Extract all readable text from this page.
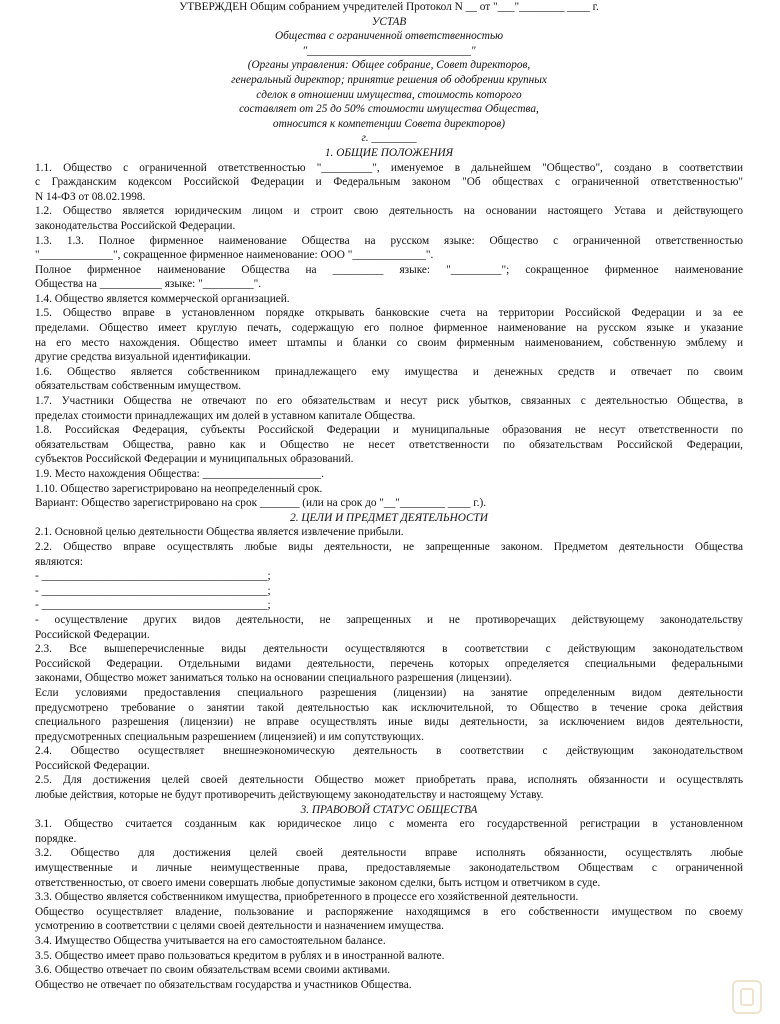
УТВЕРЖДЕН Общим собранием учредителей Протокол N __ от "___"________ ____ г.
УСТАВ
Общества с ограниченной ответственностью
"_____________________________"
(Органы управления: Общее собрание, Совет директоров,
генеральный директор; принятие решения об одобрении крупных
сделок в отношении имущества, стоимость которого
составляет от 25 до 50% стоимости имущества Общества,
относится к компетенции Совета директоров)
г. ________
1. ОБЩИЕ ПОЛОЖЕНИЯ
1.1. Общество с ограниченной ответственностью "_________", именуемое в дальнейшем "Общество", создано в соответствии
с Гражданским кодексом Российской Федерации и Федеральным законом "Об обществах с ограниченной ответственностью"
N 14-ФЗ от 08.02.1998.
1.2. Общество является юридическим лицом и строит свою деятельность на основании настоящего Устава и действующего
законодательства Российской Федерации.
1.3. 1.3. Полное фирменное наименование Общества на русском языке: Общество с ограниченной ответственностью
"_____________", сокращенное фирменное наименование: ООО "_____________".
Полное фирменное наименование Общества на _________ языке: "_________"; сокращенное фирменное наименование
Общества на ___________ языке: "_________".
1.4. Общество является коммерческой организацией.
1.5. Общество вправе в установленном порядке открывать банковские счета на территории Российской Федерации и за ее
пределами. Общество имеет круглую печать, содержащую его полное фирменное наименование на русском языке и указание
на его место нахождения. Общество имеет штампы и бланки со своим фирменным наименованием, собственную эмблему и
другие средства визуальной идентификации.
1.6. Общество является собственником принадлежащего ему имущества и денежных средств и отвечает по своим
обязательствам собственным имуществом.
1.7. Участники Общества не отвечают по его обязательствам и несут риск убытков, связанных с деятельностью Общества, в
пределах стоимости принадлежащих им долей в уставном капитале Общества.
1.8. Российская Федерация, субъекты Российской Федерации и муниципальные образования не несут ответственности по
обязательствам Общества, равно как и Общество не несет ответственности по обязательствам Российской Федерации,
субъектов Российской Федерации и муниципальных образований.
1.9. Место нахождения Общества: _____________________.
1.10. Общество зарегистрировано на неопределенный срок.
Вариант: Общество зарегистрировано на срок _______ (или на срок до "__"________ ____ г.).
2. ЦЕЛИ И ПРЕДМЕТ ДЕЯТЕЛЬНОСТИ
2.1. Основной целью деятельности Общества является извлечение прибыли.
2.2. Общество вправе осуществлять любые виды деятельности, не запрещенные законом. Предметом деятельности Общества
являются:
- ________________________________________;
- ________________________________________;
- ________________________________________;
- осуществление других видов деятельности, не запрещенных и не противоречащих действующему законодательству
Российской Федерации.
2.3. Все вышеперечисленные виды деятельности осуществляются в соответствии с действующим законодательством
Российской Федерации. Отдельными видами деятельности, перечень которых определяется специальными федеральными
законами, Общество может заниматься только на основании специального разрешения (лицензии).
Если условиями предоставления специального разрешения (лицензии) на занятие определенным видом деятельности
предусмотрено требование о занятии такой деятельностью как исключительной, то Общество в течение срока действия
специального разрешения (лицензии) не вправе осуществлять иные виды деятельности, за исключением видов деятельности,
предусмотренных специальным разрешением (лицензией) и им сопутствующих.
2.4. Общество осуществляет внешнеэкономическую деятельность в соответствии с действующим законодательством
Российской Федерации.
2.5. Для достижения целей своей деятельности Общество может приобретать права, исполнять обязанности и осуществлять
любые действия, которые не будут противоречить действующему законодательству и настоящему Уставу.
3. ПРАВОВОЙ СТАТУС ОБЩЕСТВА
3.1. Общество считается созданным как юридическое лицо с момента его государственной регистрации в установленном
порядке.
3.2. Общество для достижения целей своей деятельности вправе исполнять обязанности, осуществлять любые
имущественные и личные неимущественные права, предоставляемые законодательством Обществам с ограниченной
ответственностью, от своего имени совершать любые допустимые законом сделки, быть истцом и ответчиком в суде.
3.3. Общество является собственником имущества, приобретенного в процессе его хозяйственной деятельности.
Общество осуществляет владение, пользование и распоряжение находящимся в его собственности имуществом по своему
усмотрению в соответствии с целями своей деятельности и назначением имущества.
3.4. Имущество Общества учитывается на его самостоятельном балансе.
3.5. Общество имеет право пользоваться кредитом в рублях и в иностранной валюте.
3.6. Общество отвечает по своим обязательствам всеми своими активами.
Общество не отвечает по обязательствам государства и участников Общества.
